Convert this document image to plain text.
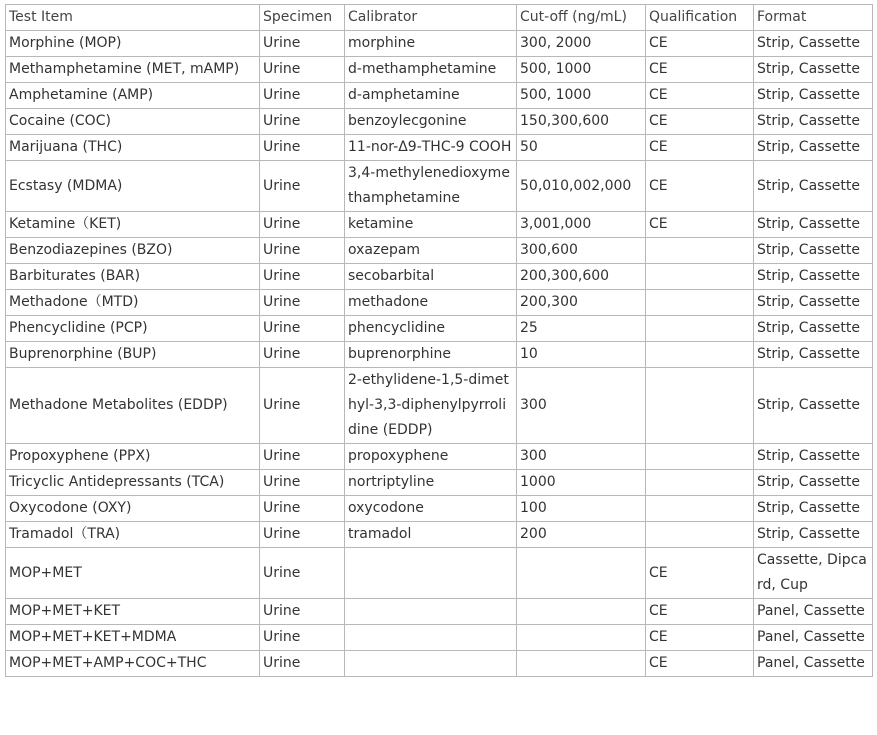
Test Item	Specimen	Calibrator	Cut-off (ng/mL)	Qualification	Format
Morphine (MOP)	Urine	morphine	300, 2000	CE	Strip, Cassette
Methamphetamine (MET, mAMP)	Urine	d-methamphetamine	500, 1000	CE	Strip, Cassette
Amphetamine (AMP)	Urine	d-amphetamine	500, 1000	CE	Strip, Cassette
Cocaine (COC)	Urine	benzoylecgonine	150,300,600	CE	Strip, Cassette
Marijuana (THC)	Urine	11-nor-Δ9-THC-9 COOH	50	CE	Strip, Cassette
Ecstasy (MDMA)	Urine	3,4-methylenedioxymethamphetamine	50,010,002,000	CE	Strip, Cassette
Ketamine（KET)	Urine	ketamine	3,001,000	CE	Strip, Cassette
Benzodiazepines (BZO)	Urine	oxazepam	300,600		Strip, Cassette
Barbiturates (BAR)	Urine	secobarbital	200,300,600		Strip, Cassette
Methadone（MTD)	Urine	methadone	200,300		Strip, Cassette
Phencyclidine (PCP)	Urine	phencyclidine	25		Strip, Cassette
Buprenorphine (BUP)	Urine	buprenorphine	10		Strip, Cassette
Methadone Metabolites (EDDP)	Urine	2-ethylidene-1,5-dimethyl-3,3-diphenylpyrrolidine (EDDP)	300		Strip, Cassette
Propoxyphene (PPX)	Urine	propoxyphene	300		Strip, Cassette
Tricyclic Antidepressants (TCA)	Urine	nortriptyline	1000		Strip, Cassette
Oxycodone (OXY)	Urine	oxycodone	100		Strip, Cassette
Tramadol（TRA)	Urine	tramadol	200		Strip, Cassette
MOP+MET	Urine			CE	Cassette, Dipcard, Cup
MOP+MET+KET	Urine			CE	Panel, Cassette
MOP+MET+KET+MDMA	Urine			CE	Panel, Cassette
MOP+MET+AMP+COC+THC	Urine			CE	Panel, Cassette
